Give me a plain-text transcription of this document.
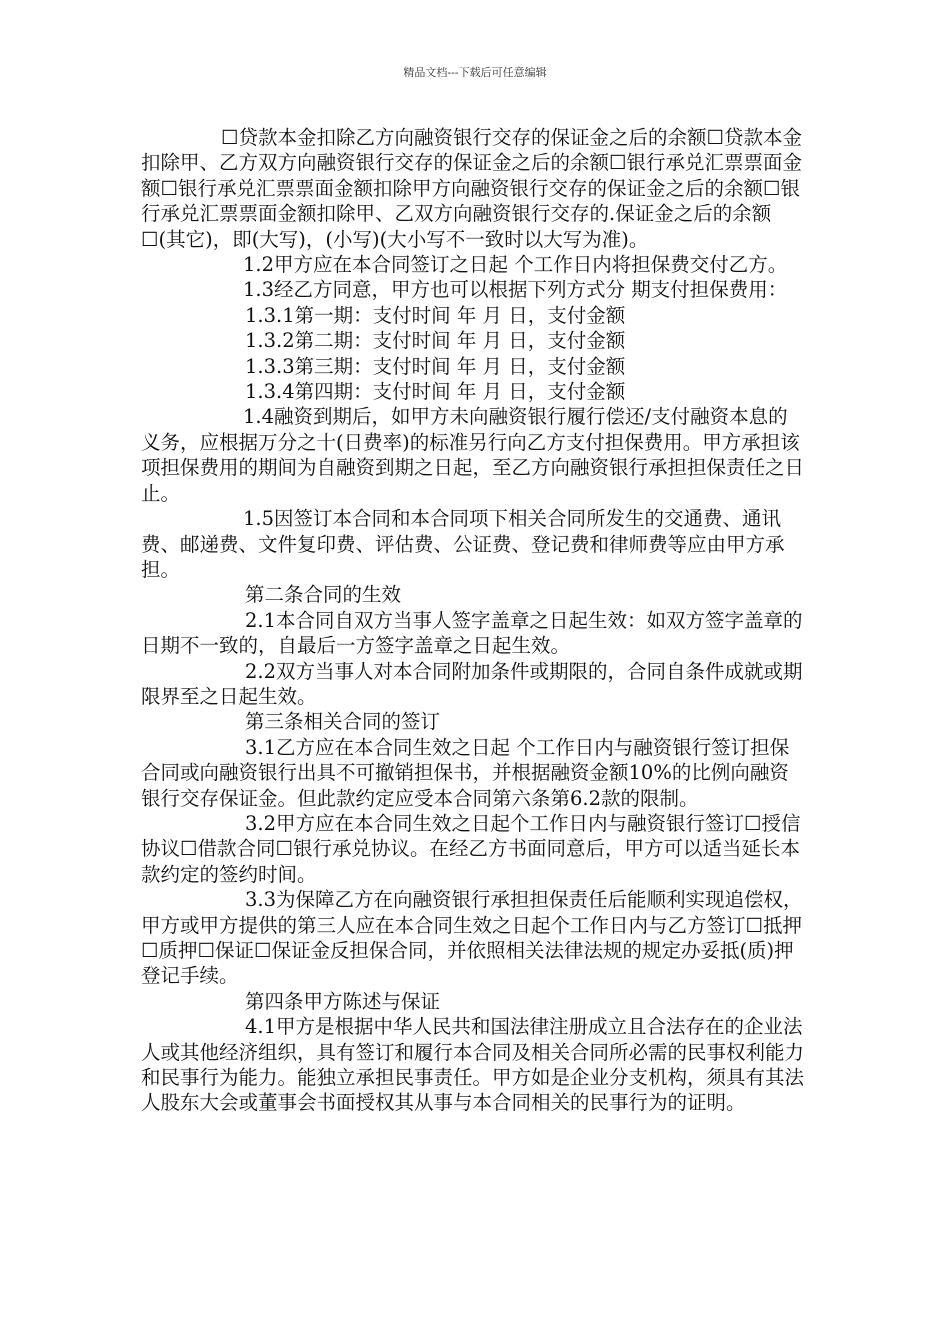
精品文档---下载后可任意编辑

☐贷款本金扣除乙方向融资银行交存的保证金之后的余额☐贷款本金扣除甲、乙方双方向融资银行交存的保证金之后的余额☐银行承兑汇票票面金额☐银行承兑汇票票面金额扣除甲方向融资银行交存的保证金之后的余额☐银行承兑汇票票面金额扣除甲、乙双方向融资银行交存的.保证金之后的余额☐(其它)，即(大写)，(小写)(大小写不一致时以大写为准)。

1.2甲方应在本合同签订之日起 个工作日内将担保费交付乙方。

1.3经乙方同意，甲方也可以根据下列方式分 期支付担保费用：

1.3.1第一期：支付时间 年 月 日，支付金额

1.3.2第二期：支付时间 年 月 日，支付金额

1.3.3第三期：支付时间 年 月 日，支付金额

1.3.4第四期：支付时间 年 月 日，支付金额

1.4融资到期后，如甲方未向融资银行履行偿还/支付融资本息的义务，应根据万分之十(日费率)的标准另行向乙方支付担保费用。甲方承担该项担保费用的期间为自融资到期之日起，至乙方向融资银行承担担保责任之日止。

1.5因签订本合同和本合同项下相关合同所发生的交通费、通讯费、邮递费、文件复印费、评估费、公证费、登记费和律师费等应由甲方承担。

第二条合同的生效

2.1本合同自双方当事人签字盖章之日起生效：如双方签字盖章的日期不一致的，自最后一方签字盖章之日起生效。

2.2双方当事人对本合同附加条件或期限的，合同自条件成就或期限界至之日起生效。

第三条相关合同的签订

3.1乙方应在本合同生效之日起 个工作日内与融资银行签订担保合同或向融资银行出具不可撤销担保书，并根据融资金额10%的比例向融资银行交存保证金。但此款约定应受本合同第六条第6.2款的限制。

3.2甲方应在本合同生效之日起个工作日内与融资银行签订☐授信协议☐借款合同☐银行承兑协议。在经乙方书面同意后，甲方可以适当延长本款约定的签约时间。

3.3为保障乙方在向融资银行承担担保责任后能顺利实现追偿权，甲方或甲方提供的第三人应在本合同生效之日起个工作日内与乙方签订☐抵押☐质押☐保证☐保证金反担保合同，并依照相关法律法规的规定办妥抵(质)押登记手续。

第四条甲方陈述与保证

4.1甲方是根据中华人民共和国法律注册成立且合法存在的企业法人或其他经济组织，具有签订和履行本合同及相关合同所必需的民事权利能力和民事行为能力。能独立承担民事责任。甲方如是企业分支机构，须具有其法人股东大会或董事会书面授权其从事与本合同相关的民事行为的证明。
